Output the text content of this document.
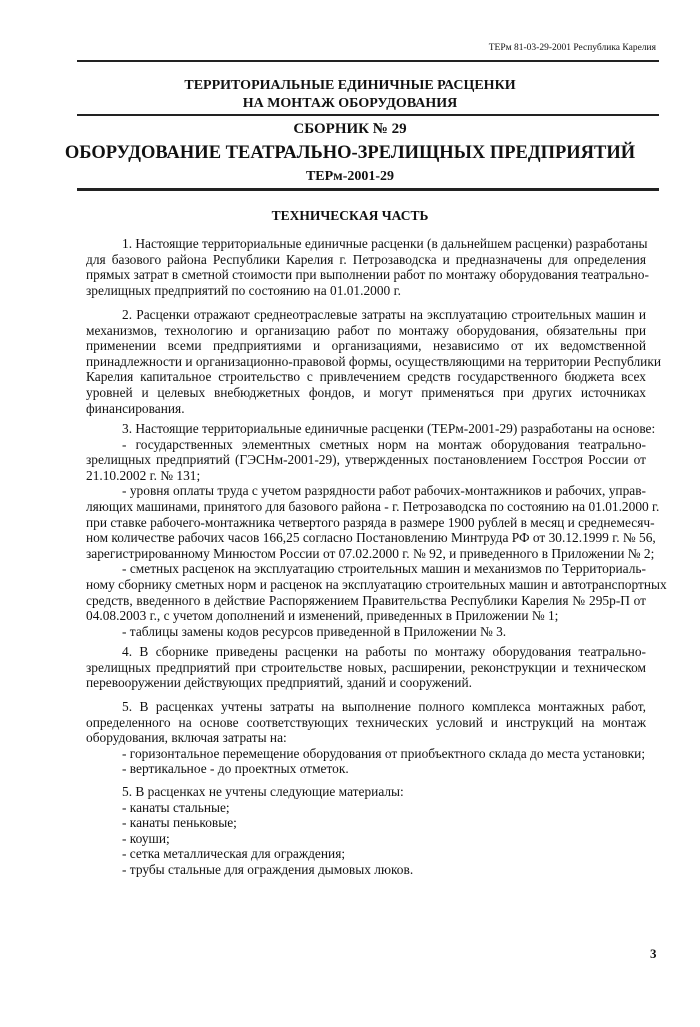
ТЕРм 81-03-29-2001 Республика Карелия
ТЕРРИТОРИАЛЬНЫЕ ЕДИНИЧНЫЕ РАСЦЕНКИ
НА МОНТАЖ ОБОРУДОВАНИЯ
СБОРНИК № 29
ОБОРУДОВАНИЕ ТЕАТРАЛЬНО-ЗРЕЛИЩНЫХ ПРЕДПРИЯТИЙ
ТЕРм-2001-29
ТЕХНИЧЕСКАЯ ЧАСТЬ
1. Настоящие территориальные единичные расценки (в дальнейшем расценки) разработаны
для базового района Республики Карелия г. Петрозаводска и предназначены для определения
прямых затрат в сметной стоимости при выполнении работ по монтажу оборудования театрально-
зрелищных предприятий по состоянию на 01.01.2000 г.
2. Расценки отражают среднеотраслевые затраты на эксплуатацию строительных машин и
механизмов, технологию и организацию работ по монтажу оборудования, обязательны при
применении всеми предприятиями и организациями, независимо от их ведомственной
принадлежности и организационно-правовой формы, осуществляющими на территории Республики
Карелия капитальное строительство с привлечением средств государственного бюджета всех
уровней и целевых внебюджетных фондов, и могут применяться при других источниках
финансирования.
3. Настоящие территориальные единичные расценки (ТЕРм-2001-29) разработаны на основе:
- государственных элементных сметных норм на монтаж оборудования театрально-
зрелищных предприятий (ГЭСНм-2001-29), утвержденных постановлением Госстроя России от
21.10.2002 г. № 131;
- уровня оплаты труда с учетом разрядности работ рабочих-монтажников и рабочих, управ-
ляющих машинами, принятого для базового района - г. Петрозаводска по состоянию на 01.01.2000 г.
при ставке рабочего-монтажника четвертого разряда в размере 1900 рублей в месяц и среднемесяч-
ном количестве рабочих часов 166,25 согласно Постановлению Минтруда РФ от 30.12.1999 г. № 56,
зарегистрированному Минюстом России от 07.02.2000 г. № 92, и приведенного в Приложении № 2;
- сметных расценок на эксплуатацию строительных машин и механизмов по Территориаль-
ному сборнику сметных норм и расценок на эксплуатацию строительных машин и автотранспортных
средств, введенного в действие Распоряжением Правительства Республики Карелия № 295р-П от
04.08.2003 г., с учетом дополнений и изменений, приведенных в Приложении № 1;
- таблицы замены кодов ресурсов приведенной в Приложении № 3.
4. В сборнике приведены расценки на работы по монтажу оборудования театрально-
зрелищных предприятий при строительстве новых, расширении, реконструкции и техническом
перевооружении действующих предприятий, зданий и сооружений.
5. В расценках учтены затраты на выполнение полного комплекса монтажных работ,
определенного на основе соответствующих технических условий и инструкций на монтаж
оборудования, включая затраты на:
- горизонтальное перемещение оборудования от приобъектного склада до места установки;
- вертикальное - до проектных отметок.
5. В расценках не учтены следующие материалы:
- канаты стальные;
- канаты пеньковые;
- коуши;
- сетка металлическая для ограждения;
- трубы стальные для ограждения дымовых люков.
3
